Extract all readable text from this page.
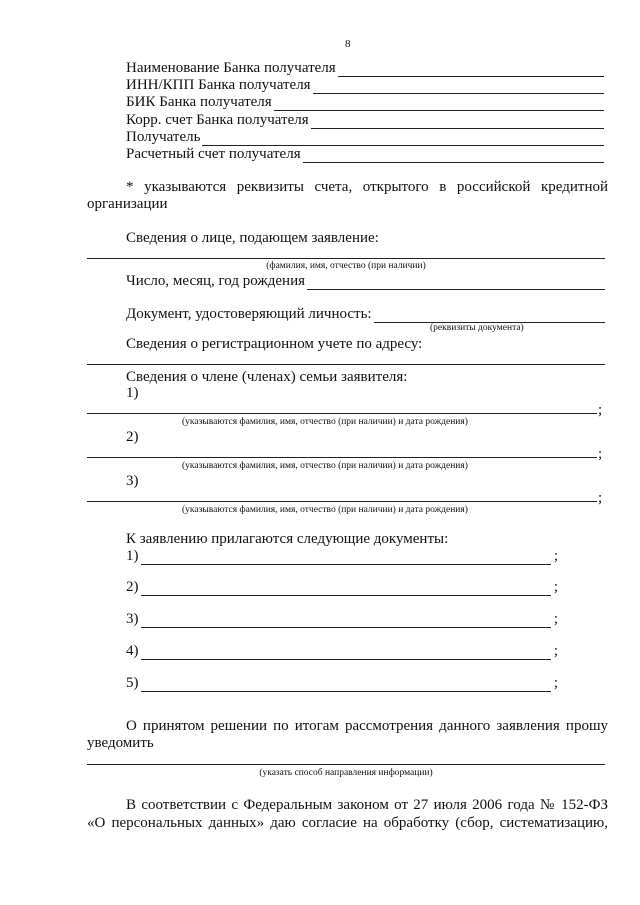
8
Наименование Банка получателя
ИНН/КПП Банка получателя
БИК Банка получателя
Корр. счет Банка получателя
Получатель
Расчетный счет получателя
* указываются реквизиты счета, открытого в российской кредитной
организации
Сведения о лице, подающем заявление:
(фамилия, имя, отчество (при наличии)
Число, месяц, год рождения
Документ, удостоверяющий личность:
(реквизиты документа)
Сведения о регистрационном учете по адресу:
Сведения о члене (членах) семьи заявителя:
1)
;
(указываются фамилия, имя, отчество (при наличии) и дата рождения)
2)
;
(указываются фамилия, имя, отчество (при наличии) и дата рождения)
3)
;
(указываются фамилия, имя, отчество (при наличии) и дата рождения)
К заявлению прилагаются следующие документы:
1)	;
2)	;
3)	;
4)	;
5)	;
О принятом решении по итогам рассмотрения данного заявления прошу
уведомить
(указать способ направления информации)
В соответствии с Федеральным законом от 27 июля 2006 года № 152-ФЗ
«О персональных данных» даю согласие на обработку (сбор, систематизацию,
